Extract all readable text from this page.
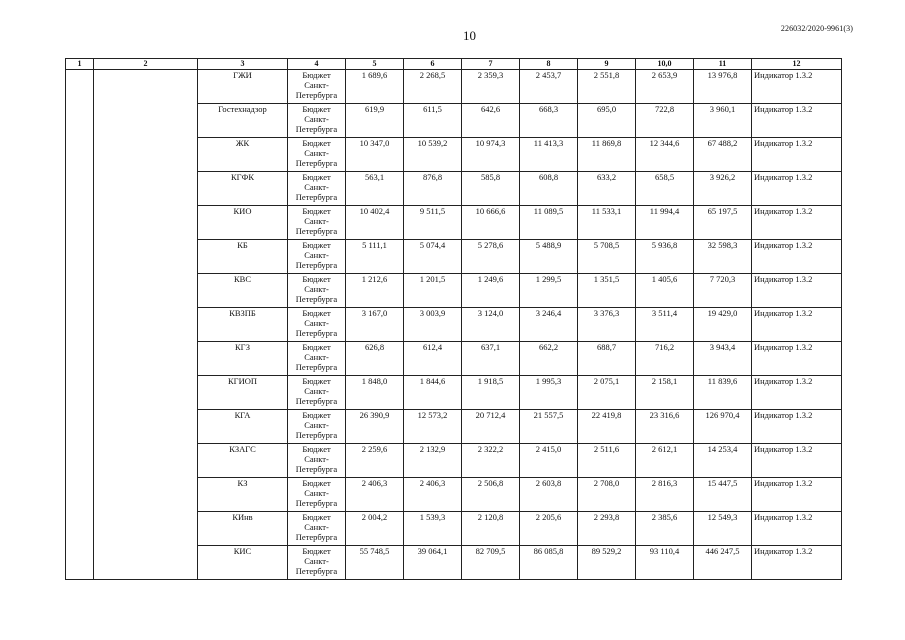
10	226032/2020-9961(3)
1	2	3	4	5	6	7	8	9	10,0	11	12
		ГЖИ	Бюджет
Санкт-
Петербурга	1 689,6	2 268,5	2 359,3	2 453,7	2 551,8	2 653,9	13 976,8	Индикатор 1.3.2
		Гостехнадзор	Бюджет
Санкт-
Петербурга	619,9	611,5	642,6	668,3	695,0	722,8	3 960,1	Индикатор 1.3.2
		ЖК	Бюджет
Санкт-
Петербурга	10 347,0	10 539,2	10 974,3	11 413,3	11 869,8	12 344,6	67 488,2	Индикатор 1.3.2
		КГФК	Бюджет
Санкт-
Петербурга	563,1	876,8	585,8	608,8	633,2	658,5	3 926,2	Индикатор 1.3.2
		КИО	Бюджет
Санкт-
Петербурга	10 402,4	9 511,5	10 666,6	11 089,5	11 533,1	11 994,4	65 197,5	Индикатор 1.3.2
		КБ	Бюджет
Санкт-
Петербурга	5 111,1	5 074,4	5 278,6	5 488,9	5 708,5	5 936,8	32 598,3	Индикатор 1.3.2
		КВС	Бюджет
Санкт-
Петербурга	1 212,6	1 201,5	1 249,6	1 299,5	1 351,5	1 405,6	7 720,3	Индикатор 1.3.2
		КВЗПБ	Бюджет
Санкт-
Петербурга	3 167,0	3 003,9	3 124,0	3 246,4	3 376,3	3 511,4	19 429,0	Индикатор 1.3.2
		КГЗ	Бюджет
Санкт-
Петербурга	626,8	612,4	637,1	662,2	688,7	716,2	3 943,4	Индикатор 1.3.2
		КГИОП	Бюджет
Санкт-
Петербурга	1 848,0	1 844,6	1 918,5	1 995,3	2 075,1	2 158,1	11 839,6	Индикатор 1.3.2
		КГА	Бюджет
Санкт-
Петербурга	26 390,9	12 573,2	20 712,4	21 557,5	22 419,8	23 316,6	126 970,4	Индикатор 1.3.2
		КЗАГС	Бюджет
Санкт-
Петербурга	2 259,6	2 132,9	2 322,2	2 415,0	2 511,6	2 612,1	14 253,4	Индикатор 1.3.2
		КЗ	Бюджет
Санкт-
Петербурга	2 406,3	2 406,3	2 506,8	2 603,8	2 708,0	2 816,3	15 447,5	Индикатор 1.3.2
		КИнв	Бюджет
Санкт-
Петербурга	2 004,2	1 539,3	2 120,8	2 205,6	2 293,8	2 385,6	12 549,3	Индикатор 1.3.2
		КИС	Бюджет
Санкт-
Петербурга	55 748,5	39 064,1	82 709,5	86 085,8	89 529,2	93 110,4	446 247,5	Индикатор 1.3.2
